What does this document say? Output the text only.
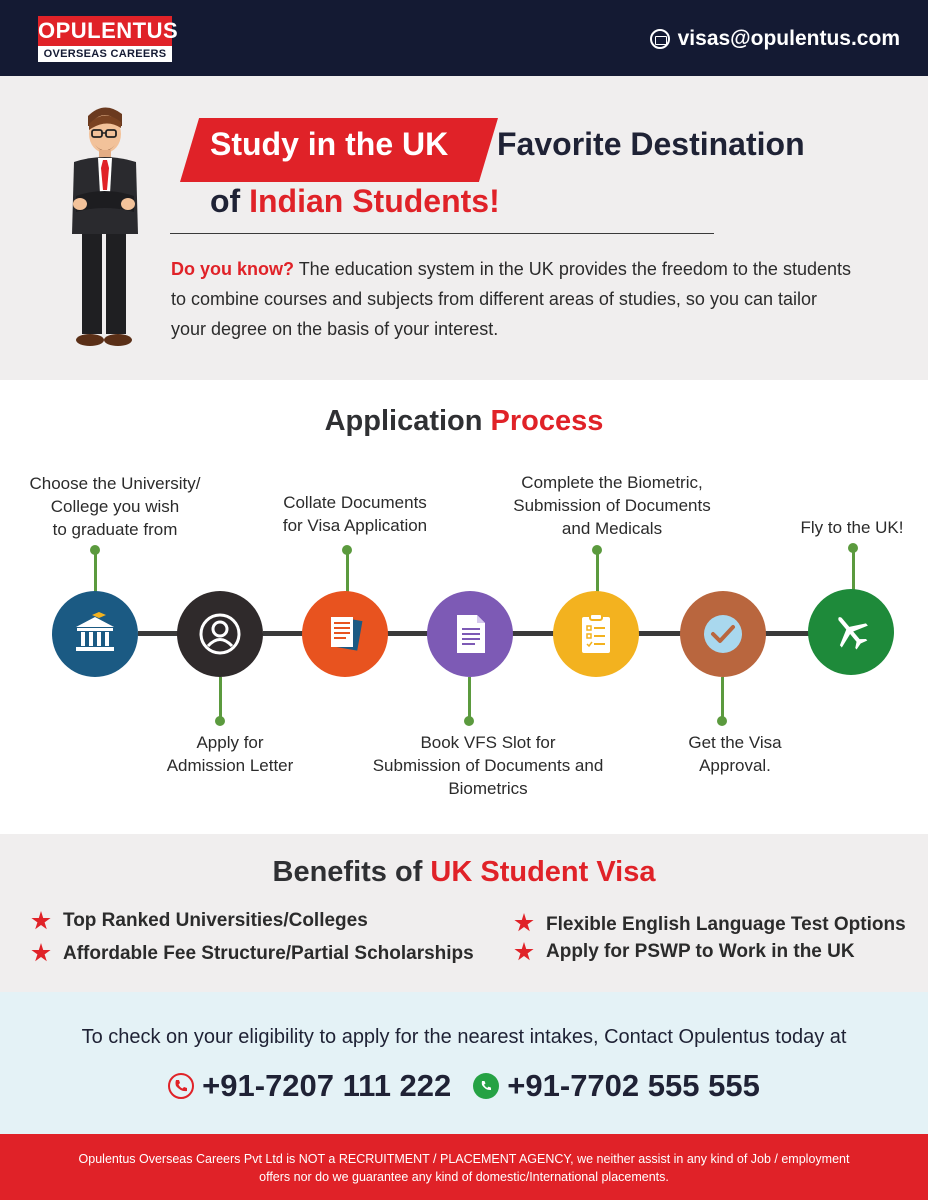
OPULENTUS
OVERSEAS CAREERS
visas@opulentus.com
Study in the UK Favorite Destination
of Indian Students!
Do you know? The education system in the UK provides the freedom to the students to combine courses and subjects from different areas of studies, so you can tailor your degree on the basis of your interest.
Application Process
Choose the University/
College you wish
to graduate from
Apply for
Admission Letter
Collate Documents
for Visa Application
Book VFS Slot for
Submission of Documents and
Biometrics
Complete the Biometric,
Submission of Documents
and Medicals
Get the Visa
Approval.
Fly to the UK!
Benefits of UK Student Visa
Top Ranked Universities/Colleges
Affordable Fee Structure/Partial Scholarships
Flexible English Language Test Options
Apply for PSWP to Work in the UK
To check on your eligibility to apply for the nearest intakes, Contact Opulentus today at
+91-7207 111 222 +91-7702 555 555
Opulentus Overseas Careers Pvt Ltd is NOT a RECRUITMENT / PLACEMENT AGENCY, we neither assist in any kind of Job / employment offers nor do we guarantee any kind of domestic/International placements.
